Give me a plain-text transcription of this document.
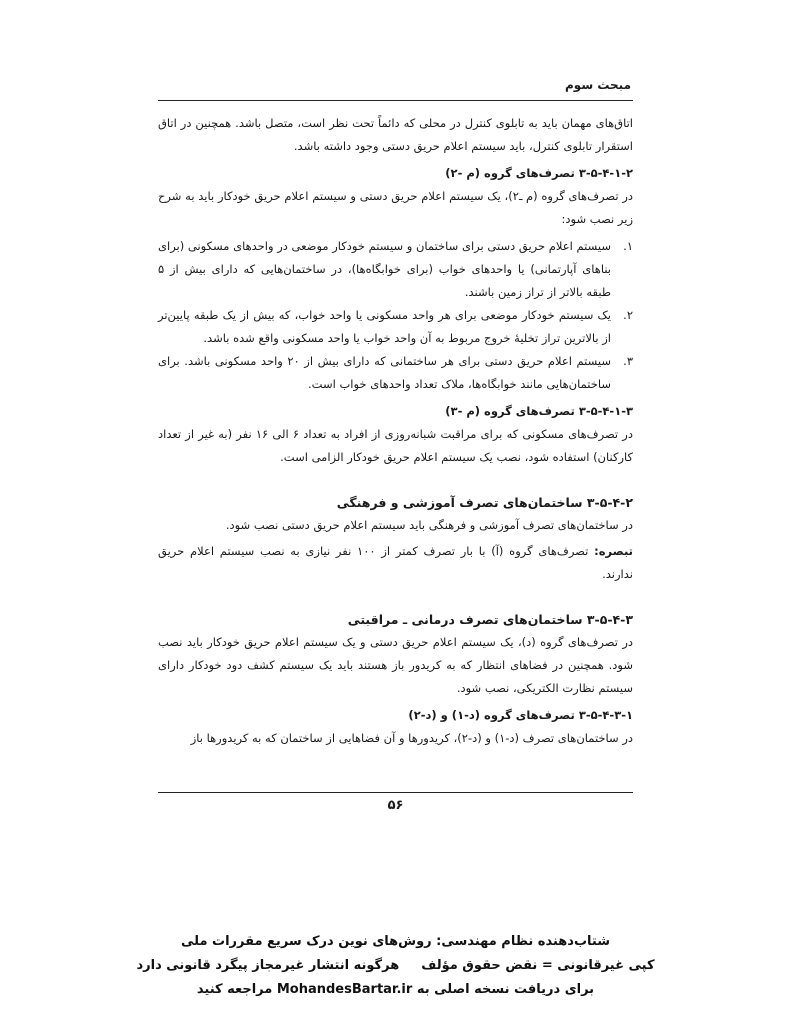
مبحث سوم

اتاق‌های مهمان باید به تابلوی کنترل در محلی که دائماً تحت نظر است، متصل باشد. همچنین در اتاق استقرار تابلوی کنترل، باید سیستم اعلام حریق دستی وجود داشته باشد.

۳-۵-۴-۱-۲ تصرف‌های گروه (م -۲)

در تصرف‌های گروه (م ـ۲)، یک سیستم اعلام حریق دستی و سیستم اعلام حریق خودکار باید به شرح زیر نصب شود:

۱.
سیستم اعلام حریق دستی برای ساختمان و سیستم خودکار موضعی در واحدهای مسکونی (برای بناهای آپارتمانی) یا واحدهای خواب (برای خوابگاه‌ها)، در ساختمان‌هایی که دارای بیش از ۵ طبقه بالاتر از تراز زمین باشند.
۲.
یک سیستم خودکار موضعی برای هر واحد مسکونی یا واحد خواب، که بیش از یک طبقه پایین‌تر از بالاترین تراز تخلیهٔ خروج مربوط به آن واحد خواب یا واحد مسکونی واقع شده باشد.
۳.
سیستم اعلام حریق دستی برای هر ساختمانی که دارای بیش از ۲۰ واحد مسکونی باشد. برای ساختمان‌هایی مانند خوابگاه‌ها، ملاک تعداد واحدهای خواب است.

۳-۵-۴-۱-۳ تصرف‌های گروه (م -۳)

در تصرف‌های مسکونی که برای مراقبت شبانه‌روزی از افراد به تعداد ۶ الی ۱۶ نفر (به غیر از تعداد کارکنان) استفاده شود، نصب یک سیستم اعلام حریق خودکار الزامی است.

۳-۵-۴-۲ ساختمان‌های تصرف آموزشی و فرهنگی

در ساختمان‌های تصرف آموزشی و فرهنگی باید سیستم اعلام حریق دستی نصب شود.

تبصره: تصرف‌های گروه (آ) با بار تصرف کمتر از ۱۰۰ نفر نیازی به نصب سیستم اعلام حریق ندارند.

۳-۵-۴-۳ ساختمان‌های تصرف درمانی ـ مراقبتی

در تصرف‌های گروه (د)، یک سیستم اعلام حریق دستی و یک سیستم اعلام حریق خودکار باید نصب شود. همچنین در فضاهای انتظار که به کریدور باز هستند باید یک سیستم کشف دود خودکار دارای سیستم نظارت الکتریکی، نصب شود.

۳-۵-۴-۳-۱ تصرف‌های گروه (د-۱) و (د-۲)

در ساختمان‌های تصرف (د-۱) و (د-۲)، کریدورها و آن فضاهایی از ساختمان که به کریدورها باز

۵۶
شتاب‌دهنده نظام مهندسی: روش‌های نوین درک سریع مقررات ملی
کپی غیرقانونی = نقض حقوق مؤلفهرگونه انتشار غیرمجاز پیگرد قانونی دارد
برای دریافت نسخه اصلی به MohandesBartar.ir مراجعه کنید
